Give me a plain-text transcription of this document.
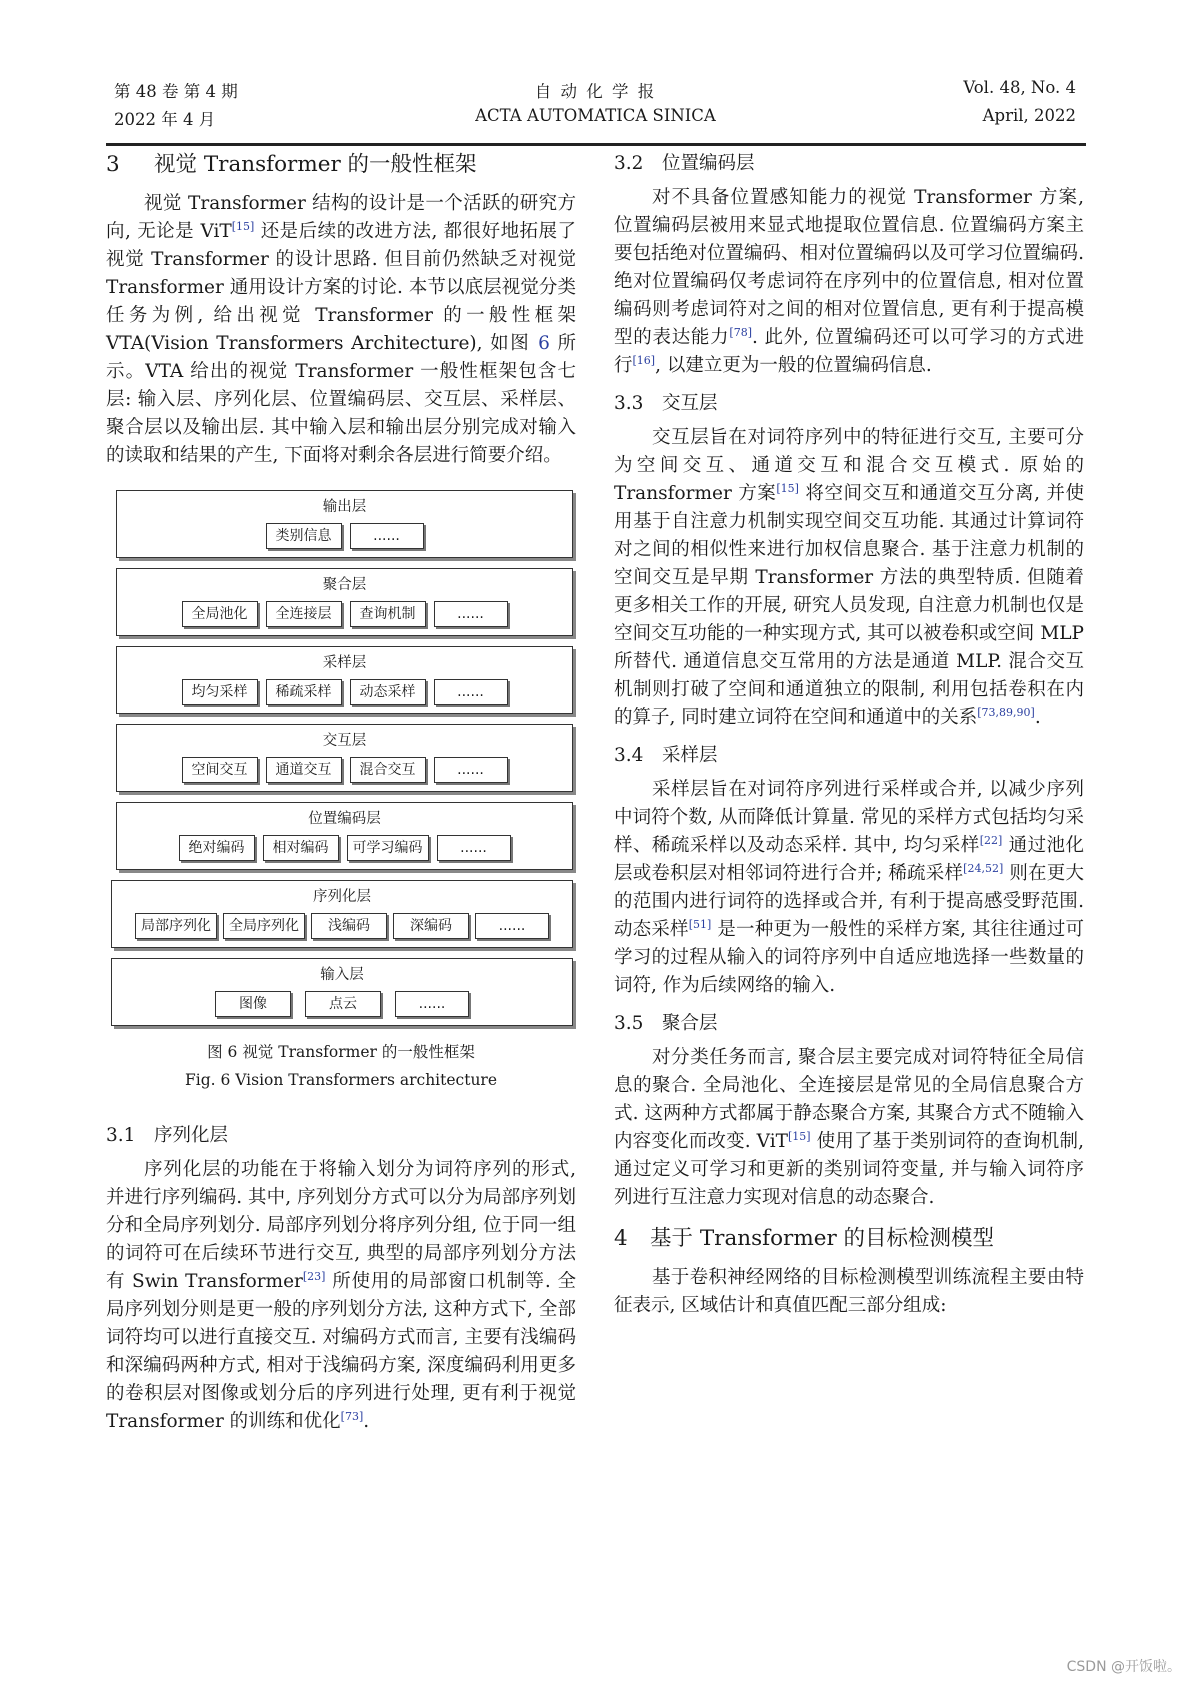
第 48 卷 第 4 期
2022 年 4 月
自 动 化 学 报
ACTA AUTOMATICA SINICA
Vol. 48, No. 4
April, 2022
3 视觉 Transformer 的一般性框架

视觉 Transformer 结构的设计是一个活跃的研究方向, 无论是 ViT[15] 还是后续的改进方法, 都很好地拓展了视觉 Transformer 的设计思路. 但目前仍然缺乏对视觉 Transformer 通用设计方案的讨论. 本节以底层视觉分类任务为例, 给出视觉 Transformer 的一般性框架 VTA(Vision Transformers Architecture), 如图 6 所示。VTA 给出的视觉 Transformer 一般性框架包含七层: 输入层、序列化层、位置编码层、交互层、采样层、聚合层以及输出层. 其中输入层和输出层分别完成对输入的读取和结果的产生, 下面将对剩余各层进行简要介绍。

输出层
类别信息	......
聚合层
全局池化	全连接层	查询机制	......
采样层
均匀采样	稀疏采样	动态采样	......
交互层
空间交互	通道交互	混合交互	......
位置编码层
绝对编码	相对编码	可学习编码	......
序列化层
局部序列化	全局序列化	浅编码	深编码	......
输入层
图像	点云	......
图 6 视觉 Transformer 的一般性框架
Fig. 6 Vision Transformers architecture
3.1 序列化层

序列化层的功能在于将输入划分为词符序列的形式, 并进行序列编码. 其中, 序列划分方式可以分为局部序列划分和全局序列划分. 局部序列划分将序列分组, 位于同一组的词符可在后续环节进行交互, 典型的局部序列划分方法有 Swin Transformer[23] 所使用的局部窗口机制等. 全局序列划分则是更一般的序列划分方法, 这种方式下, 全部词符均可以进行直接交互. 对编码方式而言, 主要有浅编码和深编码两种方式, 相对于浅编码方案, 深度编码利用更多的卷积层对图像或划分后的序列进行处理, 更有利于视觉 Transformer 的训练和优化[73].

3.2 位置编码层

对不具备位置感知能力的视觉 Transformer 方案, 位置编码层被用来显式地提取位置信息. 位置编码方案主要包括绝对位置编码、相对位置编码以及可学习位置编码. 绝对位置编码仅考虑词符在序列中的位置信息, 相对位置编码则考虑词符对之间的相对位置信息, 更有利于提高模型的表达能力[78]. 此外, 位置编码还可以可学习的方式进行[16], 以建立更为一般的位置编码信息.

3.3 交互层

交互层旨在对词符序列中的特征进行交互, 主要可分为空间交互、通道交互和混合交互模式. 原始的 Transformer 方案[15] 将空间交互和通道交互分离, 并使用基于自注意力机制实现空间交互功能. 其通过计算词符对之间的相似性来进行加权信息聚合. 基于注意力机制的空间交互是早期 Transformer 方法的典型特质. 但随着更多相关工作的开展, 研究人员发现, 自注意力机制也仅是空间交互功能的一种实现方式, 其可以被卷积或空间 MLP 所替代. 通道信息交互常用的方法是通道 MLP. 混合交互机制则打破了空间和通道独立的限制, 利用包括卷积在内的算子, 同时建立词符在空间和通道中的关系[73,89,90].

3.4 采样层

采样层旨在对词符序列进行采样或合并, 以减少序列中词符个数, 从而降低计算量. 常见的采样方式包括均匀采样、稀疏采样以及动态采样. 其中, 均匀采样[22] 通过池化层或卷积层对相邻词符进行合并; 稀疏采样[24,52] 则在更大的范围内进行词符的选择或合并, 有利于提高感受野范围. 动态采样[51] 是一种更为一般性的采样方案, 其往往通过可学习的过程从输入的词符序列中自适应地选择一些数量的词符, 作为后续网络的输入.

3.5 聚合层

对分类任务而言, 聚合层主要完成对词符特征全局信息的聚合. 全局池化、全连接层是常见的全局信息聚合方式. 这两种方式都属于静态聚合方案, 其聚合方式不随输入内容变化而改变. ViT[15] 使用了基于类别词符的查询机制, 通过定义可学习和更新的类别词符变量, 并与输入词符序列进行互注意力实现对信息的动态聚合.

4 基于 Transformer 的目标检测模型

基于卷积神经网络的目标检测模型训练流程主要由特征表示, 区域估计和真值匹配三部分组成:

CSDN @开饭啦。
